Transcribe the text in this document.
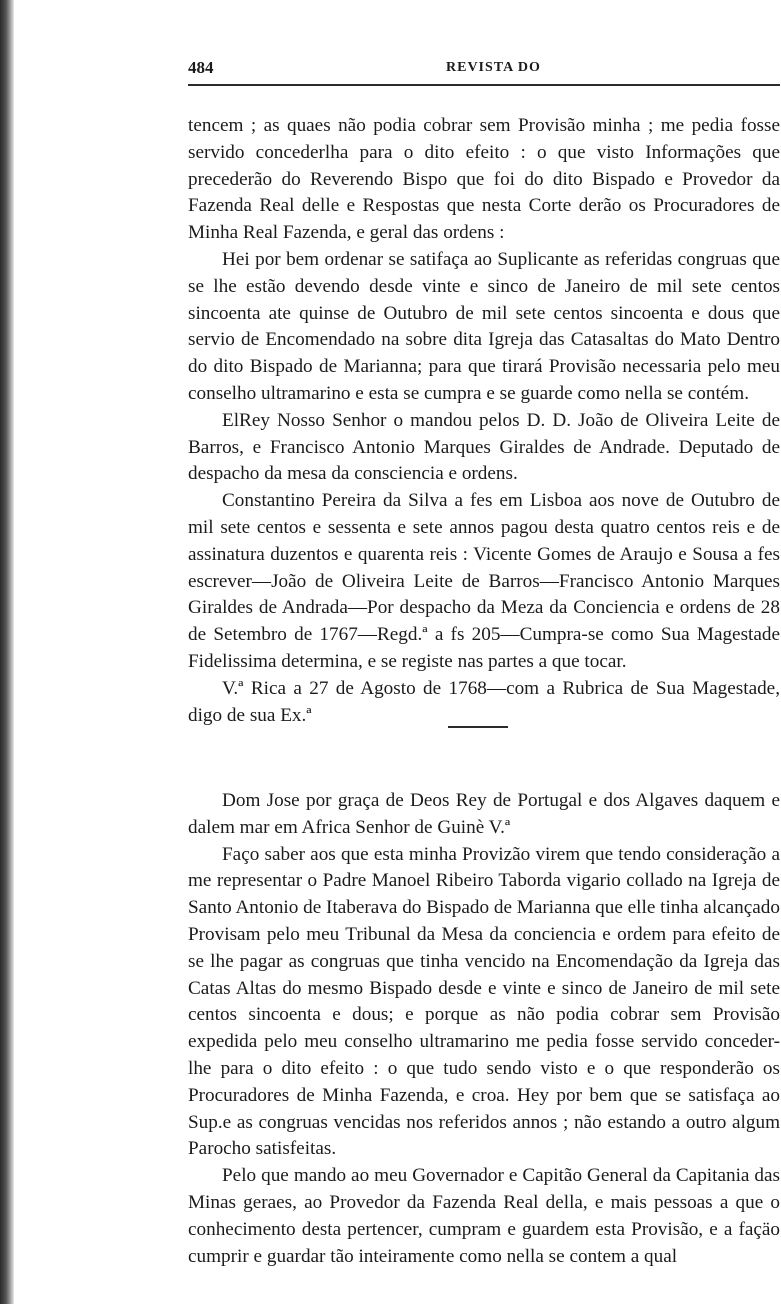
484	REVISTA DO

tencem ; as quaes não podia cobrar sem Provisão minha ; me pedia fosse servido concederlha para o dito efeito : o que visto Informações que precederão do Reverendo Bispo que foi do dito Bispado e Provedor da Fazenda Real delle e Respostas que nesta Corte derão os Procuradores de Minha Real Fazenda, e geral das ordens :

Hei por bem ordenar se satifaça ao Suplicante as referidas congruas que se lhe estão devendo desde vinte e sinco de Janeiro de mil sete centos sincoenta ate quinse de Outubro de mil sete centos sincoenta e dous que servio de Encomendado na sobre dita Igreja das Catasaltas do Mato Dentro do dito Bispado de Marianna; para que tirará Provisão necessaria pelo meu conselho ultramarino e esta se cumpra e se guarde como nella se contém.

ElRey Nosso Senhor o mandou pelos D. D. João de Oliveira Leite de Barros, e Francisco Antonio Marques Giraldes de Andrade. Deputado de despacho da mesa da consciencia e ordens.

Constantino Pereira da Silva a fes em Lisboa aos nove de Outubro de mil sete centos e sessenta e sete annos pagou desta quatro centos reis e de assinatura duzentos e quarenta reis : Vicente Gomes de Araujo e Sousa a fes escrever—João de Oliveira Leite de Barros—Francisco Antonio Marques Giraldes de Andrada—Por despacho da Meza da Conciencia e ordens de 28 de Setembro de 1767—Regd.ª a fs 205—Cumpra-se como Sua Magestade Fidelissima determina, e se registe nas partes a que tocar.

V.ª Rica a 27 de Agosto de 1768—com a Rubrica de Sua Magestade, digo de sua Ex.ª

Dom Jose por graça de Deos Rey de Portugal e dos Algaves daquem e dalem mar em Africa Senhor de Guinè V.ª

Faço saber aos que esta minha Provizão virem que tendo consideração a me representar o Padre Manoel Ribeiro Taborda vigario collado na Igreja de Santo Antonio de Itaberava do Bispado de Marianna que elle tinha alcançado Provisam pelo meu Tribunal da Mesa da conciencia e ordem para efeito de se lhe pagar as congruas que tinha vencido na Encomendação da Igreja das Catas Altas do mesmo Bispado desde e vinte e sinco de Janeiro de mil sete centos sincoenta e dous; e porque as não podia cobrar sem Provisão expedida pelo meu conselho ultramarino me pedia fosse servido conceder-lhe para o dito efeito : o que tudo sendo visto e o que responderão os Procuradores de Minha Fazenda, e croa. Hey por bem que se satisfaça ao Sup.e as congruas vencidas nos referidos annos ; não estando a outro algum Parocho satisfeitas.

Pelo que mando ao meu Governador e Capitão General da Capitania das Minas geraes, ao Provedor da Fazenda Real della, e mais pessoas a que o conhecimento desta pertencer, cumpram e guardem esta Provisão, e a façäo cumprir e guardar tão inteiramente como nella se contem a qual
